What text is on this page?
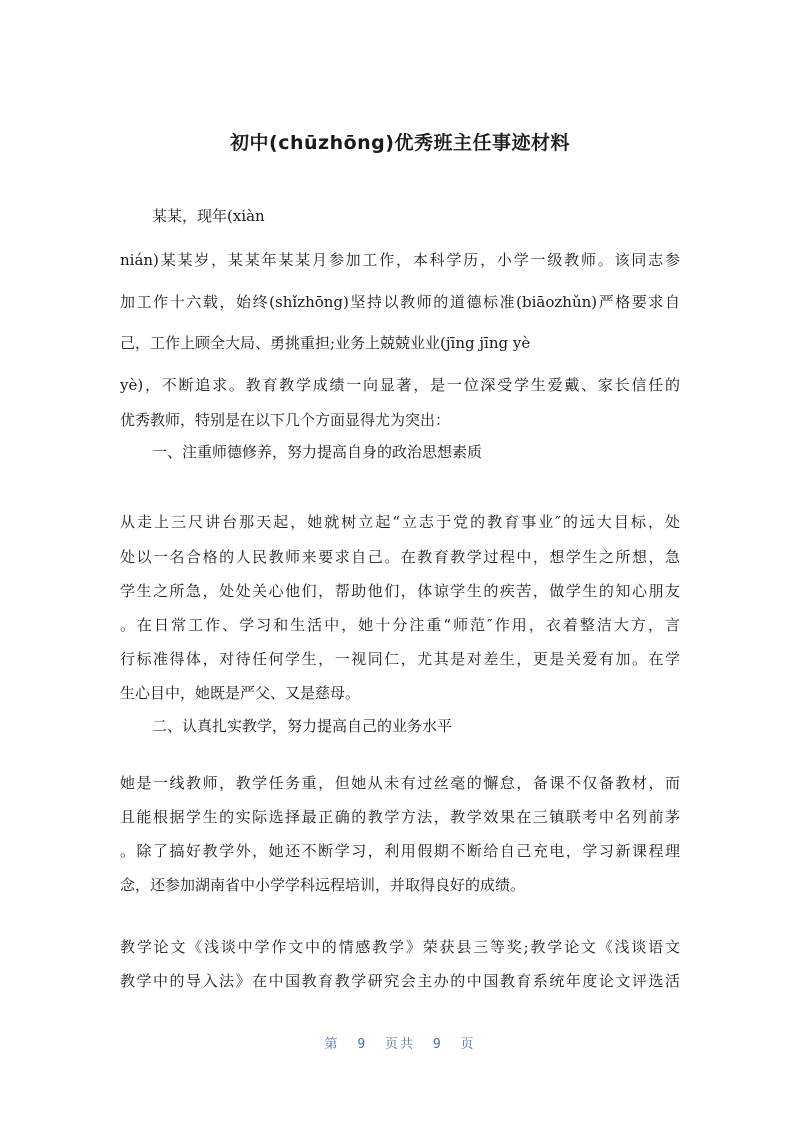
初中(chūzhōng)优秀班主任事迹材料
某某，现年(xiàn
nián)某某岁，某某年某某月参加工作，本科学历，小学一级教师。该同志参
加工作十六载，始终(shǐzhōng)坚持以教师的道德标准(biāozhǔn)严格要求自
己，工作上顾全大局、勇挑重担;业务上兢兢业业(jīng jīng yè
yè)，不断追求。教育教学成绩一向显著，是一位深受学生爱戴、家长信任的
优秀教师，特别是在以下几个方面显得尤为突出：
一、注重师德修养，努力提高自身的政治思想素质
从走上三尺讲台那天起，她就树立起“立志于党的教育事业″的远大目标，处
处以一名合格的人民教师来要求自己。在教育教学过程中，想学生之所想，急
学生之所急，处处关心他们，帮助他们，体谅学生的疾苦，做学生的知心朋友
。在日常工作、学习和生活中，她十分注重“师范″作用，衣着整洁大方，言
行标准得体，对待任何学生，一视同仁，尤其是对差生，更是关爱有加。在学
生心目中，她既是严父、又是慈母。
二、认真扎实教学，努力提高自己的业务水平
她是一线教师，教学任务重，但她从未有过丝毫的懈怠，备课不仅备教材，而
且能根据学生的实际选择最正确的教学方法，教学效果在三镇联考中名列前茅
。除了搞好教学外，她还不断学习，利用假期不断给自己充电，学习新课程理
念，还参加湖南省中小学学科远程培训，并取得良好的成绩。
教学论文《浅谈中学作文中的情感教学》荣获县三等奖;教学论文《浅谈语文
教学中的导入法》在中国教育教学研究会主办的中国教育系统年度论文评选活
第 9 页共 9 页
